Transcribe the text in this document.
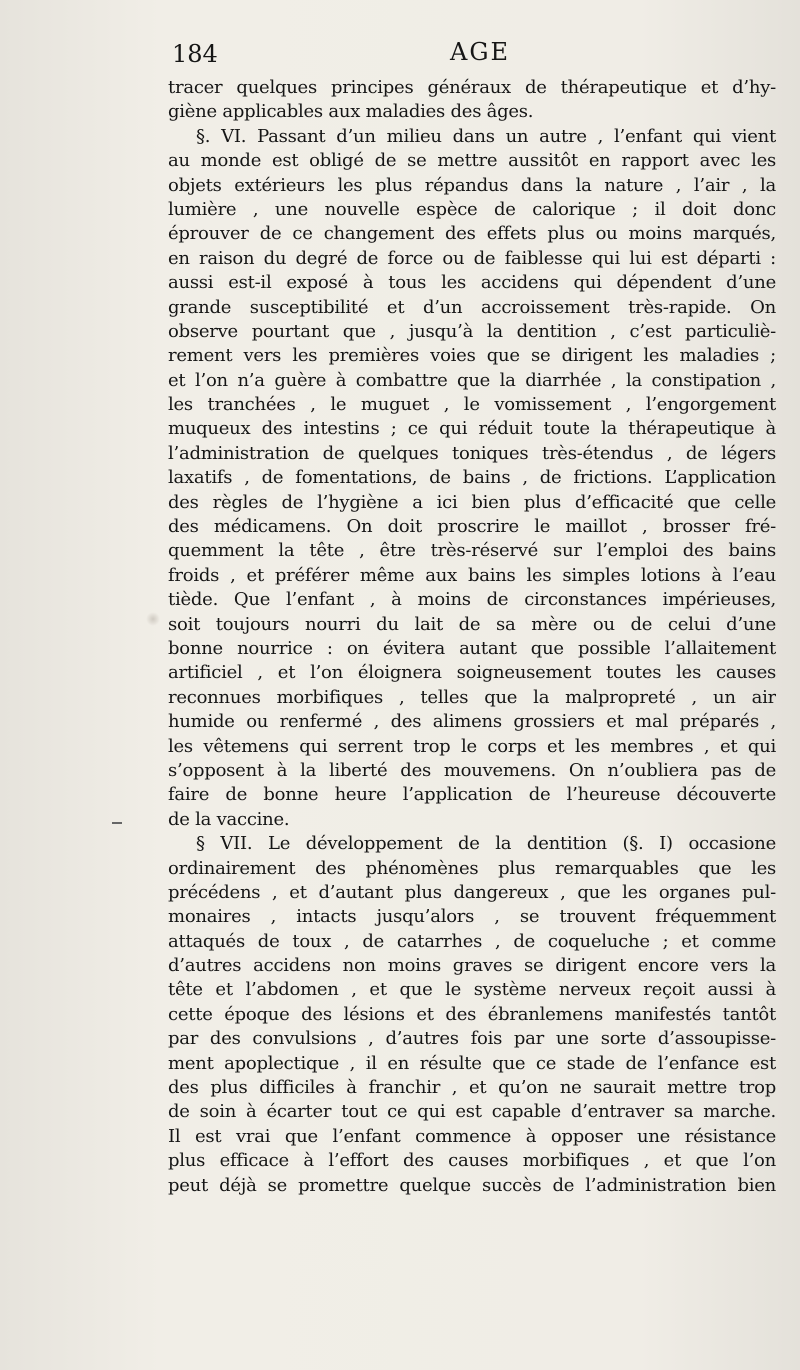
184	AGE
tracer quelques principes généraux de thérapeutique et d’hy-
giène applicables aux maladies des âges.
§. VI. Passant d’un milieu dans un autre , l’enfant qui vient
au monde est obligé de se mettre aussitôt en rapport avec les
objets extérieurs les plus répandus dans la nature , l’air , la
lumière , une nouvelle espèce de calorique ; il doit donc
éprouver de ce changement des effets plus ou moins marqués,
en raison du degré de force ou de faiblesse qui lui est départi :
aussi est-il exposé à tous les accidens qui dépendent d’une
grande susceptibilité et d’un accroissement très-rapide. On
observe pourtant que , jusqu’à la dentition , c’est particuliè-
rement vers les premières voies que se dirigent les maladies ;
et l’on n’a guère à combattre que la diarrhée , la constipation ,
les tranchées , le muguet , le vomissement , l’engorgement
muqueux des intestins ; ce qui réduit toute la thérapeutique à
l’administration de quelques toniques très-étendus , de légers
laxatifs , de fomentations, de bains , de frictions. L’application
des règles de l’hygiène a ici bien plus d’efficacité que celle
des médicamens. On doit proscrire le maillot , brosser fré-
quemment la tête , être très-réservé sur l’emploi des bains
froids , et préférer même aux bains les simples lotions à l’eau
tiède. Que l’enfant , à moins de circonstances impérieuses,
soit toujours nourri du lait de sa mère ou de celui d’une
bonne nourrice : on évitera autant que possible l’allaitement
artificiel , et l’on éloignera soigneusement toutes les causes
reconnues morbifiques , telles que la malpropreté , un air
humide ou renfermé , des alimens grossiers et mal préparés ,
les vêtemens qui serrent trop le corps et les membres , et qui
s’opposent à la liberté des mouvemens. On n’oubliera pas de
faire de bonne heure l’application de l’heureuse découverte
de la vaccine.
§ VII. Le développement de la dentition (§. I) occasione
ordinairement des phénomènes plus remarquables que les
précédens , et d’autant plus dangereux , que les organes pul-
monaires , intacts jusqu’alors , se trouvent fréquemment
attaqués de toux , de catarrhes , de coqueluche ; et comme
d’autres accidens non moins graves se dirigent encore vers la
tête et l’abdomen , et que le système nerveux reçoit aussi à
cette époque des lésions et des ébranlemens manifestés tantôt
par des convulsions , d’autres fois par une sorte d’assoupisse-
ment apoplectique , il en résulte que ce stade de l’enfance est
des plus difficiles à franchir , et qu’on ne saurait mettre trop
de soin à écarter tout ce qui est capable d’entraver sa marche.
Il est vrai que l’enfant commence à opposer une résistance
plus efficace à l’effort des causes morbifiques , et que l’on
peut déjà se promettre quelque succès de l’administration bien
